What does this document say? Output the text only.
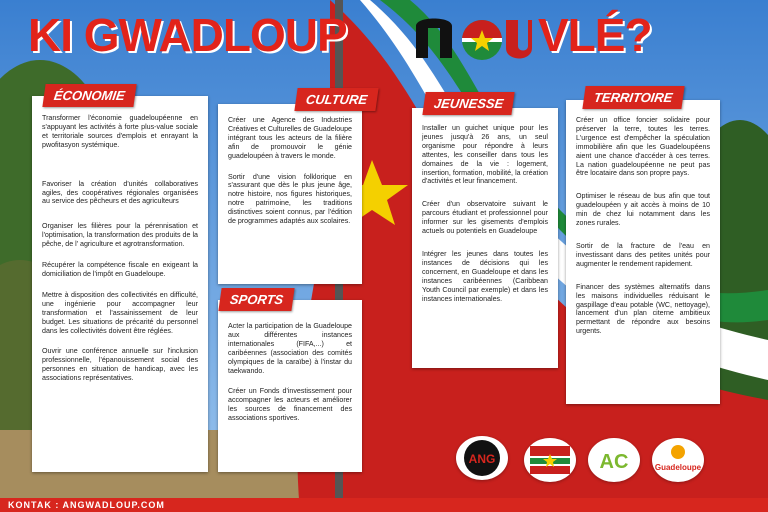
KI GWADLOUP	VLÉ?
Transformer l'économie guadeloupéenne en s'appuyant les activités à forte plus-value sociale et territoriale sources d'emplois et enrayant la pwofitasyon systémique.
Favoriser la création d'unités collaboratives agiles, des coopératives régionales organisées au service des pêcheurs et des agriculteurs
Organiser les filières pour la pérennisation et l'optimisation, la transformation des produits de la pêche, de l' agriculture et agrotransformation.
Récupérer la compétence fiscale en exigeant la domiciliation de l'impôt en Guadeloupe.
Mettre à disposition des collectivités en difficulté, une ingénierie pour accompagner leur transformation et l'assainissement de leur budget. Les situations de précarité du personnel dans les collectivités doivent être réglées.
Ouvrir une conférence annuelle sur l'inclusion professionnelle, l'épanouissement social des personnes en situation de handicap, avec les associations représentatives.
ÉCONOMIE
Créer une Agence des Industries Créatives et Culturelles de Guadeloupe intégrant tous les acteurs de la filière afin de promouvoir le génie guadeloupéen à travers le monde.
Sortir d'une vision folklorique en s'assurant que dès le plus jeune âge, notre histoire, nos figures historiques, notre patrimoine, les traditions distinctives soient connus, par l'édition de programmes adaptés aux scolaires.
CULTURE
Acter la participation de la Guadeloupe aux différentes instances internationales (FIFA,...) et caribéennes (association des comités olympiques de la caraïbe) à l'instar du taekwando.
Créer un Fonds d'investissement pour accompagner les acteurs et améliorer les sources de financement des associations sportives.
SPORTS
Installer un guichet unique pour les jeunes jusqu'à 26 ans, un seul organisme pour répondre à leurs attentes, les conseiller dans tous les domaines de la vie : logement, insertion, formation, mobilité, la création d'activités et leur financement.
Créer d'un observatoire suivant le parcours étudiant et professionnel pour informer sur les gisements d'emplois actuels ou potentiels en Guadeloupe
Intégrer les jeunes dans toutes les instances de décisions qui les concernent, en Guadeloupe et dans les instances caribéennes (Caribbean Youth Council par exemple) et dans les instances internationales.
JEUNESSE
Créer un office foncier solidaire pour préserver la terre, toutes les terres. L'urgence est d'empêcher la spéculation immobilière afin que les Guadeloupéens aient une chance d'accéder à ces terres. La nation guadeloupéenne ne peut pas être locataire dans son propre pays.
Optimiser le réseau de bus afin que tout guadeloupéen y ait accès à moins de 10 min de chez lui notamment dans les zones rurales.
Sortir de la fracture de l'eau en investissant dans des petites unités pour augmenter le rendement rapidement.
Financer des systèmes alternatifs dans les maisons individuelles réduisant le gaspillage d'eau potable (WC, nettoyage), lancement d'un plan citerne ambitieux permettant de répondre aux besoins urgents.
TERRITOIRE
ANG	AC	Guadeloupe
KONTAK : ANGWADLOUP.COM
